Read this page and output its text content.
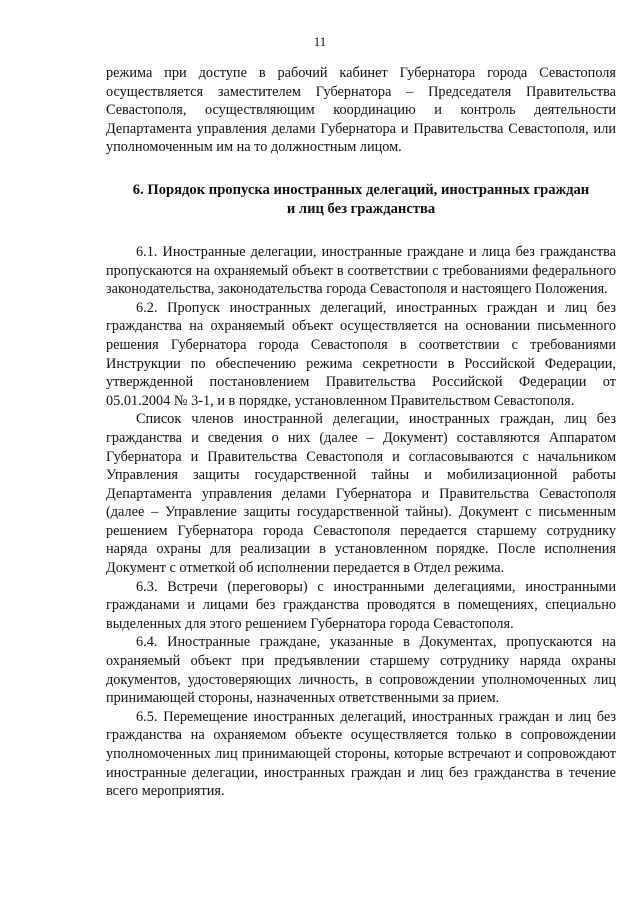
11

режима при доступе в рабочий кабинет Губернатора города Севастополя осуществляется заместителем Губернатора – Председателя Правительства Севастополя, осуществляющим координацию и контроль деятельности Департамента управления делами Губернатора и Правительства Севастополя, или уполномоченным им на то должностным лицом.

6. Порядок пропуска иностранных делегаций, иностранных граждан
и лиц без гражданства

6.1. Иностранные делегации, иностранные граждане и лица без гражданства пропускаются на охраняемый объект в соответствии с требованиями федерального законодательства, законодательства города Севастополя и настоящего Положения.

6.2. Пропуск иностранных делегаций, иностранных граждан и лиц без гражданства на охраняемый объект осуществляется на основании письменного решения Губернатора города Севастополя в соответствии с требованиями Инструкции по обеспечению режима секретности в Российской Федерации, утвержденной постановлением Правительства Российской Федерации от 05.01.2004 № 3-1, и в порядке, установленном Правительством Севастополя.

Список членов иностранной делегации, иностранных граждан, лиц без гражданства и сведения о них (далее – Документ) составляются Аппаратом Губернатора и Правительства Севастополя и согласовываются с начальником Управления защиты государственной тайны и мобилизационной работы Департамента управления делами Губернатора и Правительства Севастополя (далее – Управление защиты государственной тайны). Документ с письменным решением Губернатора города Севастополя передается старшему сотруднику наряда охраны для реализации в установленном порядке. После исполнения Документ с отметкой об исполнении передается в Отдел режима.

6.3. Встречи (переговоры) с иностранными делегациями, иностранными гражданами и лицами без гражданства проводятся в помещениях, специально выделенных для этого решением Губернатора города Севастополя.

6.4. Иностранные граждане, указанные в Документах, пропускаются на охраняемый объект при предъявлении старшему сотруднику наряда охраны документов, удостоверяющих личность, в сопровождении уполномоченных лиц принимающей стороны, назначенных ответственными за прием.

6.5. Перемещение иностранных делегаций, иностранных граждан и лиц без гражданства на охраняемом объекте осуществляется только в сопровождении уполномоченных лиц принимающей стороны, которые встречают и сопровождают иностранные делегации, иностранных граждан и лиц без гражданства в течение всего мероприятия.
